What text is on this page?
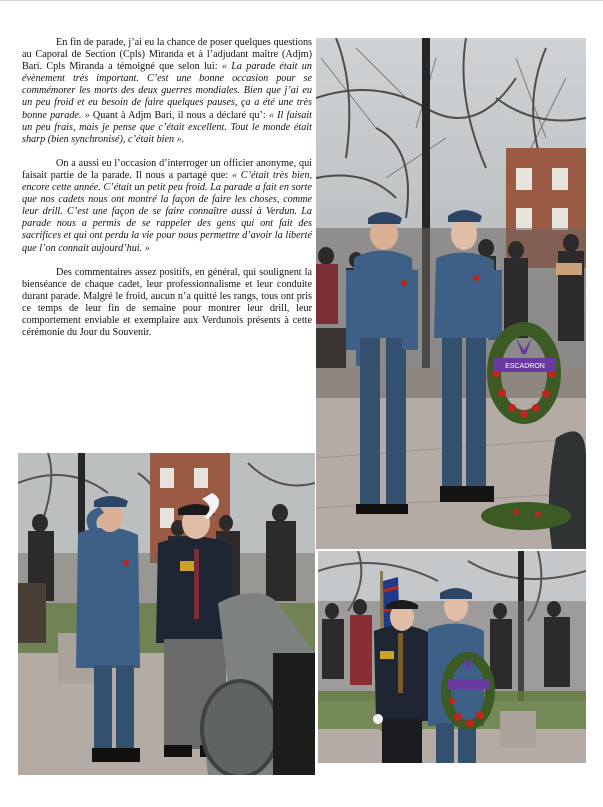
En fin de parade, j’ai eu la chance de poser quelques questions au Caporal de Section (Cpls) Miranda et à l’adjudant maître (Adjm) Bari. Cpls Miranda a témoigné que selon lui: « La parade était un évènement très important. C’est une bonne occasion pour se commémorer les morts des deux guerres mondiales. Bien que j’ai eu un peu froid et eu besoin de faire quelques pauses, ça a été une très bonne parade. » Quant à Adjm Bari, il nous a déclaré qu’: « Il faisait un peu frais, mais je pense que c’était excellent. Tout le monde était sharp (bien synchronisé), c’était bien ».

On a aussi eu l’occasion d’interroger un officier anonyme, qui faisait partie de la parade. Il nous a partagé que: « C’était très bien, encore cette année. C’était un petit peu froid. La parade a fait en sorte que nos cadets nous ont montré la façon de faire les choses, comme leur drill. C’est une façon de se faire connaître aussi à Verdun. La parade nous a permis de se rappeler des gens qui ont fait des sacrifices et qui ont perdu la vie pour nous permettre d’avoir la liberté que l’on connait aujourd’hui. »

Des commentaires assez positifs, en général, qui soulignent la bienséance de chaque cadet, leur professionnalisme et leur conduite durant parade. Malgré le froid, aucun n’a quitté les rangs, tous ont pris ce temps de leur fin de semaine pour montrer leur drill, leur comportement enviable et exemplaire aux Verdunois présents à cette cérémonie du Jour du Souvenir.

ESCADRON
